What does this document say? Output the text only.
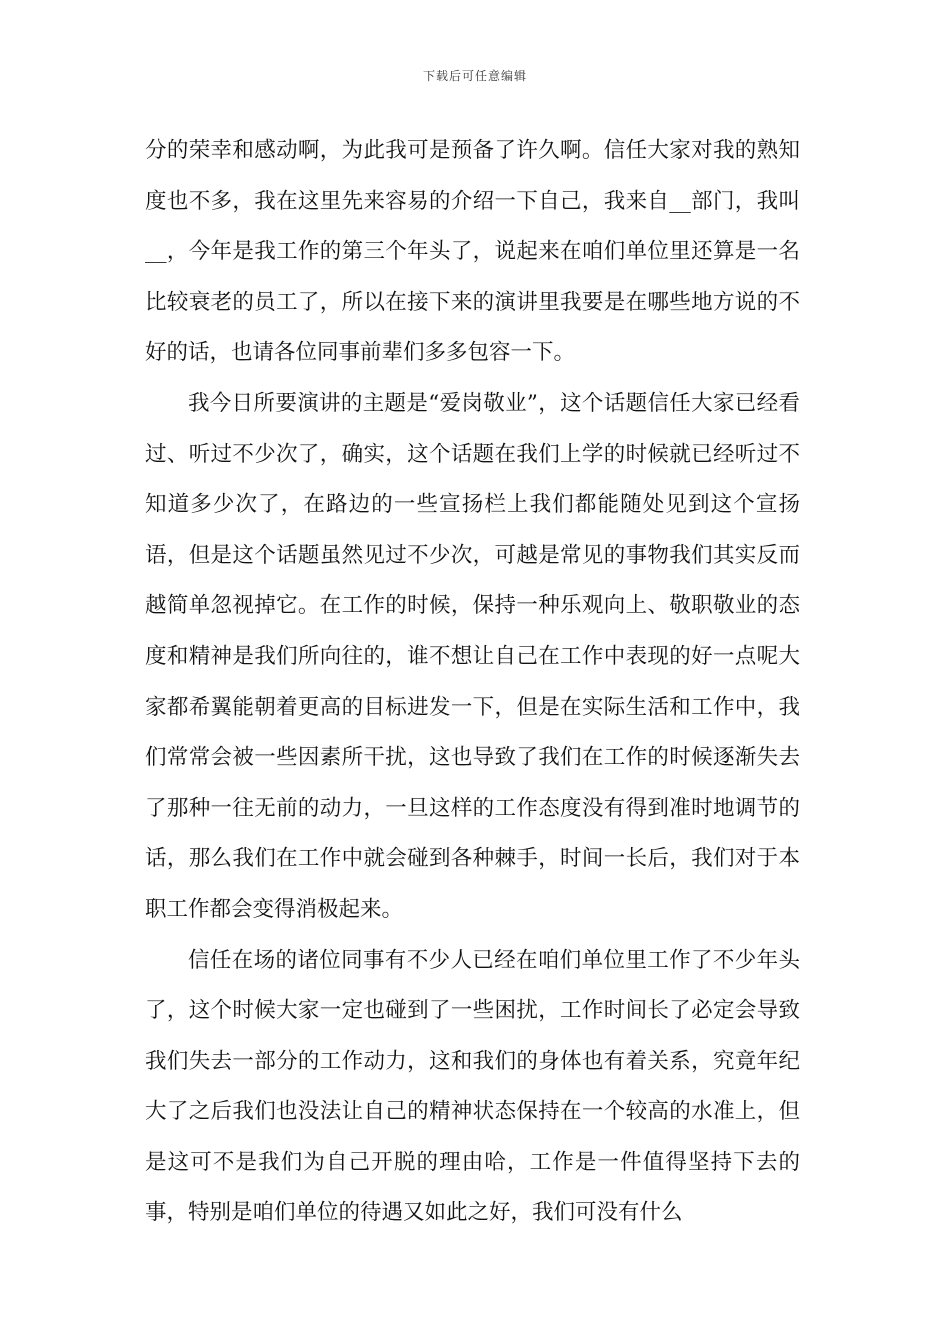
下载后可任意编辑

分的荣幸和感动啊，为此我可是预备了许久啊。信任大家对我的熟知度也不多，我在这里先来容易的介绍一下自己，我来自__部门，我叫__，今年是我工作的第三个年头了，说起来在咱们单位里还算是一名比较衰老的员工了，所以在接下来的演讲里我要是在哪些地方说的不好的话，也请各位同事前辈们多多包容一下。

我今日所要演讲的主题是“爱岗敬业”，这个话题信任大家已经看过、听过不少次了，确实，这个话题在我们上学的时候就已经听过不知道多少次了，在路边的一些宣扬栏上我们都能随处见到这个宣扬语，但是这个话题虽然见过不少次，可越是常见的事物我们其实反而越简单忽视掉它。在工作的时候，保持一种乐观向上、敬职敬业的态度和精神是我们所向往的，谁不想让自己在工作中表现的好一点呢大家都希翼能朝着更高的目标进发一下，但是在实际生活和工作中，我们常常会被一些因素所干扰，这也导致了我们在工作的时候逐渐失去了那种一往无前的动力，一旦这样的工作态度没有得到准时地调节的话，那么我们在工作中就会碰到各种棘手，时间一长后，我们对于本职工作都会变得消极起来。

信任在场的诸位同事有不少人已经在咱们单位里工作了不少年头了，这个时候大家一定也碰到了一些困扰，工作时间长了必定会导致我们失去一部分的工作动力，这和我们的身体也有着关系，究竟年纪大了之后我们也没法让自己的精神状态保持在一个较高的水准上，但是这可不是我们为自己开脱的理由哈，工作是一件值得坚持下去的事，特别是咱们单位的待遇又如此之好，我们可没有什么
